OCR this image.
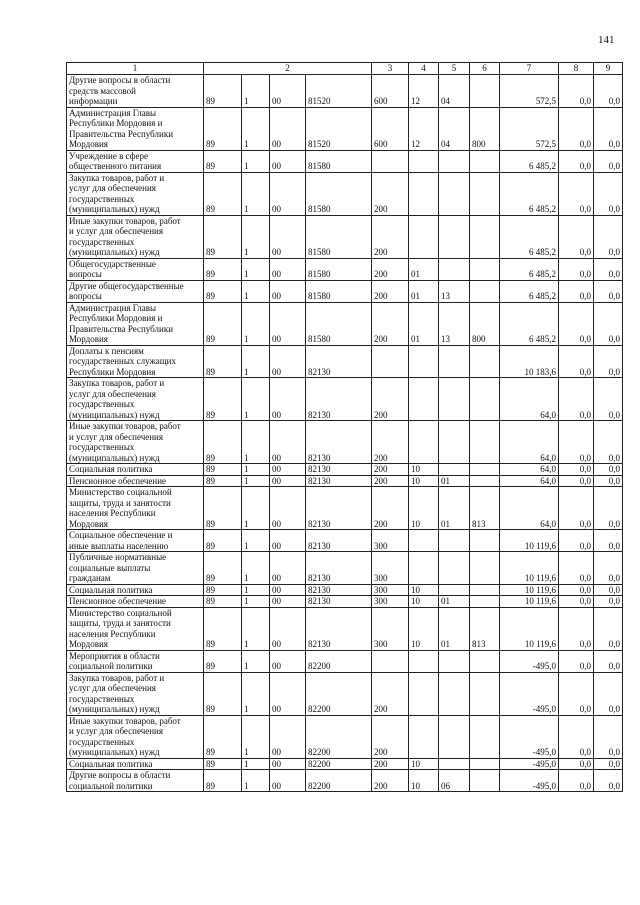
141
1	2				3	4	5	6	7	8	9
Другие вопросы в области
средств массовой
информации	89	1	00	81520	600	12	04		572,5	0,0	0,0
Администрация Главы
Республики Мордовия и
Правительства Республики
Мордовия	89	1	00	81520	600	12	04	800	572,5	0,0	0,0
Учреждение в сфере
общественного питания	89	1	00	81580					6 485,2	0,0	0,0
Закупка товаров, работ и
услуг для обеспечения
государственных
(муниципальных) нужд	89	1	00	81580	200				6 485,2	0,0	0,0
Иные закупки товаров, работ
и услуг для обеспечения
государственных
(муниципальных) нужд	89	1	00	81580	200				6 485,2	0,0	0,0
Общегосударственные
вопросы	89	1	00	81580	200	01			6 485,2	0,0	0,0
Другие общегосударственные
вопросы	89	1	00	81580	200	01	13		6 485,2	0,0	0,0
Администрация Главы
Республики Мордовия и
Правительства Республики
Мордовия	89	1	00	81580	200	01	13	800	6 485,2	0,0	0,0
Доплаты к пенсиям
государственных служащих
Республики Мордовия	89	1	00	82130					10 183,6	0,0	0,0
Закупка товаров, работ и
услуг для обеспечения
государственных
(муниципальных) нужд	89	1	00	82130	200				64,0	0,0	0,0
Иные закупки товаров, работ
и услуг для обеспечения
государственных
(муниципальных) нужд	89	1	00	82130	200				64,0	0,0	0,0
Социальная политика	89	1	00	82130	200	10			64,0	0,0	0,0
Пенсионное обеспечение	89	1	00	82130	200	10	01		64,0	0,0	0,0
Министерство социальной
защиты, труда и занятости
населения Республики
Мордовия	89	1	00	82130	200	10	01	813	64,0	0,0	0,0
Социальное обеспечение и
иные выплаты населению	89	1	00	82130	300				10 119,6	0,0	0,0
Публичные нормативные
социальные выплаты
гражданам	89	1	00	82130	300				10 119,6	0,0	0,0
Социальная политика	89	1	00	82130	300	10			10 119,6	0,0	0,0
Пенсионное обеспечение	89	1	00	82130	300	10	01		10 119,6	0,0	0,0
Министерство социальной
защиты, труда и занятости
населения Республики
Мордовия	89	1	00	82130	300	10	01	813	10 119,6	0,0	0,0
Мероприятия в области
социальной политики	89	1	00	82200					-495,0	0,0	0,0
Закупка товаров, работ и
услуг для обеспечения
государственных
(муниципальных) нужд	89	1	00	82200	200				-495,0	0,0	0,0
Иные закупки товаров, работ
и услуг для обеспечения
государственных
(муниципальных) нужд	89	1	00	82200	200				-495,0	0,0	0,0
Социальная политика	89	1	00	82200	200	10			-495,0	0,0	0,0
Другие вопросы в области
социальной политики	89	1	00	82200	200	10	06		-495,0	0,0	0,0
